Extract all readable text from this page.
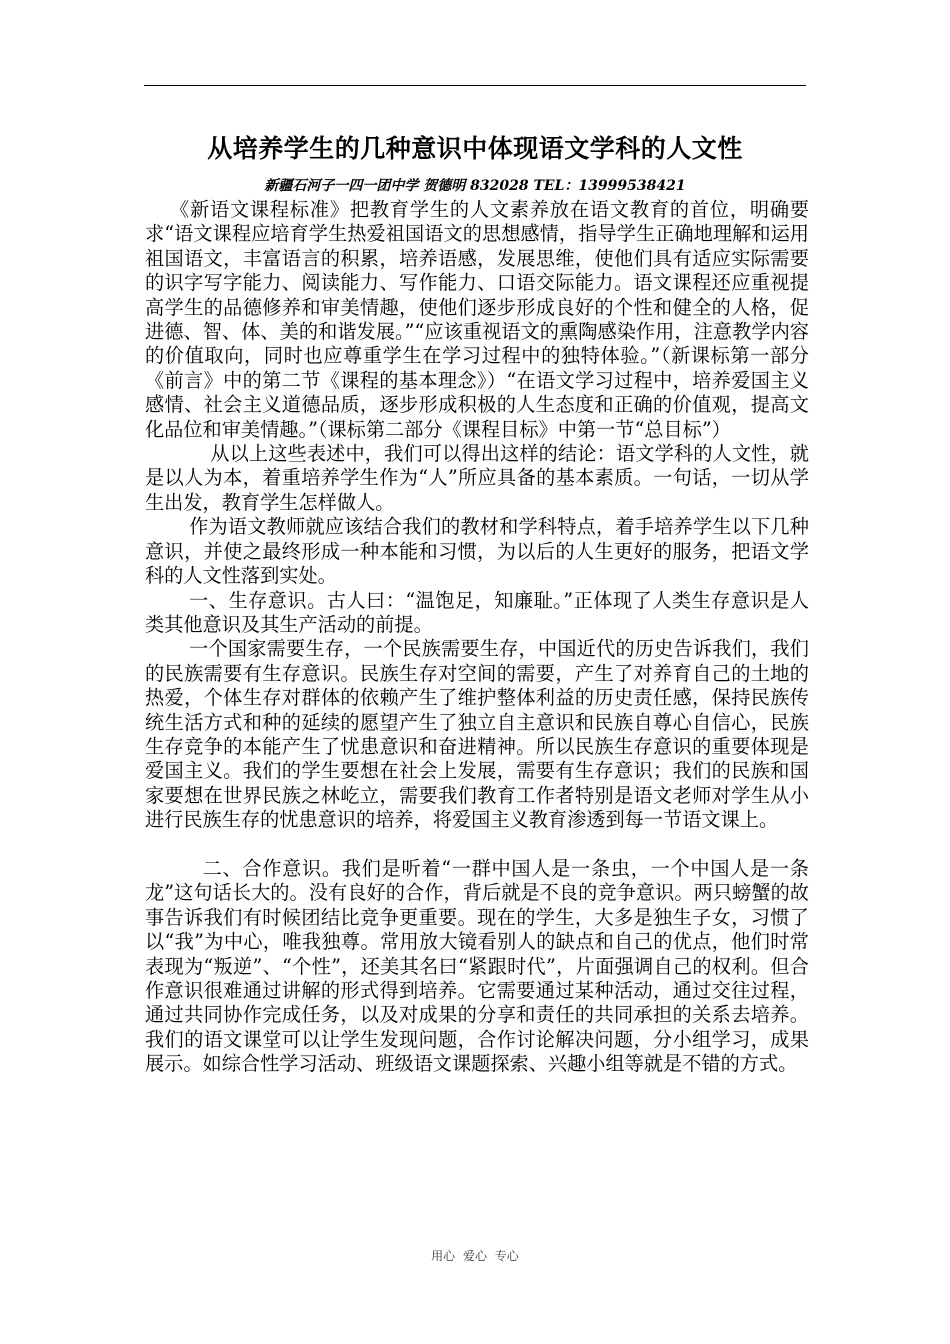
从培养学生的几种意识中体现语文学科的人文性
新疆石河子一四一团中学 贺德明 832028 TEL：13999538421

《新语文课程标准》把教育学生的人文素养放在语文教育的首位，明确要求“语文课程应培育学生热爱祖国语文的思想感情，指导学生正确地理解和运用祖国语文，丰富语言的积累，培养语感，发展思维，使他们具有适应实际需要的识字写字能力、阅读能力、写作能力、口语交际能力。语文课程还应重视提高学生的品德修养和审美情趣，使他们逐步形成良好的个性和健全的人格，促进德、智、体、美的和谐发展。”“应该重视语文的熏陶感染作用，注意教学内容的价值取向，同时也应尊重学生在学习过程中的独特体验。”（新课标第一部分《前言》中的第二节《课程的基本理念》）“在语文学习过程中，培养爱国主义感情、社会主义道德品质，逐步形成积极的人生态度和正确的价值观，提高文化品位和审美情趣。”（课标第二部分《课程目标》中第一节“总目标”）

从以上这些表述中，我们可以得出这样的结论：语文学科的人文性，就是以人为本，着重培养学生作为“人”所应具备的基本素质。一句话，一切从学生出发，教育学生怎样做人。

作为语文教师就应该结合我们的教材和学科特点，着手培养学生以下几种意识，并使之最终形成一种本能和习惯，为以后的人生更好的服务，把语文学科的人文性落到实处。

一、生存意识。古人曰：“温饱足，知廉耻。”正体现了人类生存意识是人类其他意识及其生产活动的前提。

一个国家需要生存，一个民族需要生存，中国近代的历史告诉我们，我们的民族需要有生存意识。民族生存对空间的需要，产生了对养育自己的土地的热爱，个体生存对群体的依赖产生了维护整体利益的历史责任感，保持民族传统生活方式和种的延续的愿望产生了独立自主意识和民族自尊心自信心，民族生存竞争的本能产生了忧患意识和奋进精神。所以民族生存意识的重要体现是爱国主义。我们的学生要想在社会上发展，需要有生存意识；我们的民族和国家要想在世界民族之林屹立，需要我们教育工作者特别是语文老师对学生从小进行民族生存的忧患意识的培养，将爱国主义教育渗透到每一节语文课上。

二、合作意识。我们是听着“一群中国人是一条虫，一个中国人是一条龙”这句话长大的。没有良好的合作，背后就是不良的竞争意识。两只螃蟹的故事告诉我们有时候团结比竞争更重要。现在的学生，大多是独生子女，习惯了以“我”为中心，唯我独尊。常用放大镜看别人的缺点和自己的优点，他们时常表现为“叛逆”、“个性”，还美其名曰“紧跟时代”，片面强调自己的权利。但合作意识很难通过讲解的形式得到培养。它需要通过某种活动，通过交往过程，通过共同协作完成任务，以及对成果的分享和责任的共同承担的关系去培养。我们的语文课堂可以让学生发现问题，合作讨论解决问题，分小组学习，成果展示。如综合性学习活动、班级语文课题探索、兴趣小组等就是不错的方式。

用心 爱心 专心
